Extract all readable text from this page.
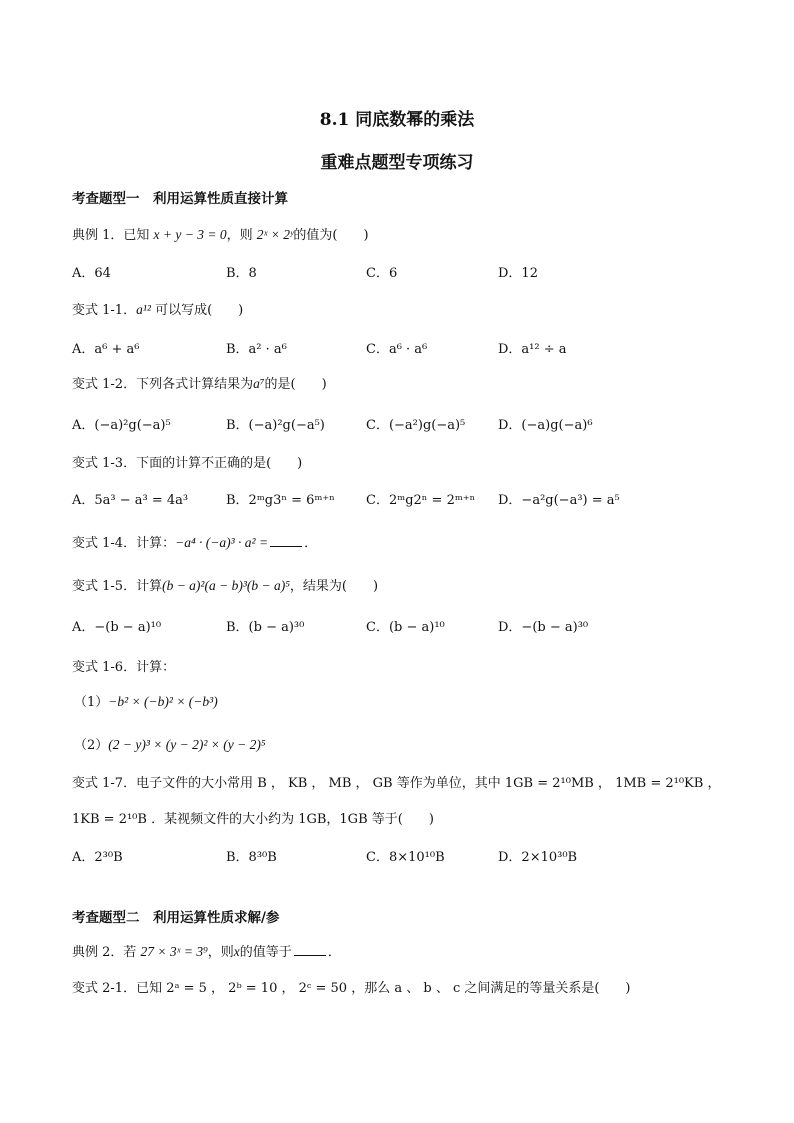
8.1 同底数幂的乘法
重难点题型专项练习
考查题型一　利用运算性质直接计算
典例 1．已知 x + y − 3 = 0，则 2ˣ × 2ʸ的值为(　　)
A．64	B．8	C．6	D．12
变式 1-1．a¹² 可以写成(　　)
A．a⁶ + a⁶	B．a² · a⁶	C．a⁶ · a⁶	D．a¹² ÷ a
变式 1-2．下列各式计算结果为a⁷的是(　　)
A．(−a)²g(−a)⁵	B．(−a)²g(−a⁵)	C．(−a²)g(−a)⁵	D．(−a)g(−a)⁶
变式 1-3．下面的计算不正确的是(　　)
A．5a³ − a³ = 4a³	B．2ᵐg3ⁿ = 6ᵐ⁺ⁿ C．2ᵐg2ⁿ = 2ᵐ⁺ⁿ D．−a²g(−a³) = a⁵
变式 1-4．计算：−a⁴ · (−a)³ · a² =	．
变式 1-5．计算(b − a)²(a − b)³(b − a)⁵，结果为(　　)
A．−(b − a)¹⁰	B．(b − a)³⁰	C．(b − a)¹⁰	D．−(b − a)³⁰
变式 1-6．计算：
（1）−b² × (−b)² × (−b³)
（2）(2 − y)³ × (y − 2)² × (y − 2)⁵
变式 1-7．电子文件的大小常用 B ， KB ， MB ， GB 等作为单位，其中 1GB = 2¹⁰MB ， 1MB = 2¹⁰KB ，
1KB = 2¹⁰B ．某视频文件的大小约为 1GB，1GB 等于(　　)
A．2³⁰B	B．8³⁰B	C．8×10¹⁰B	D．2×10³⁰B
考查题型二　利用运算性质求解/参
典例 2．若 27 × 3ˣ = 3⁹，则x的值等于	．
变式 2-1．已知 2ᵃ = 5 ， 2ᵇ = 10 ， 2ᶜ = 50 ，那么 a 、 b 、 c 之间满足的等量关系是(　　)
